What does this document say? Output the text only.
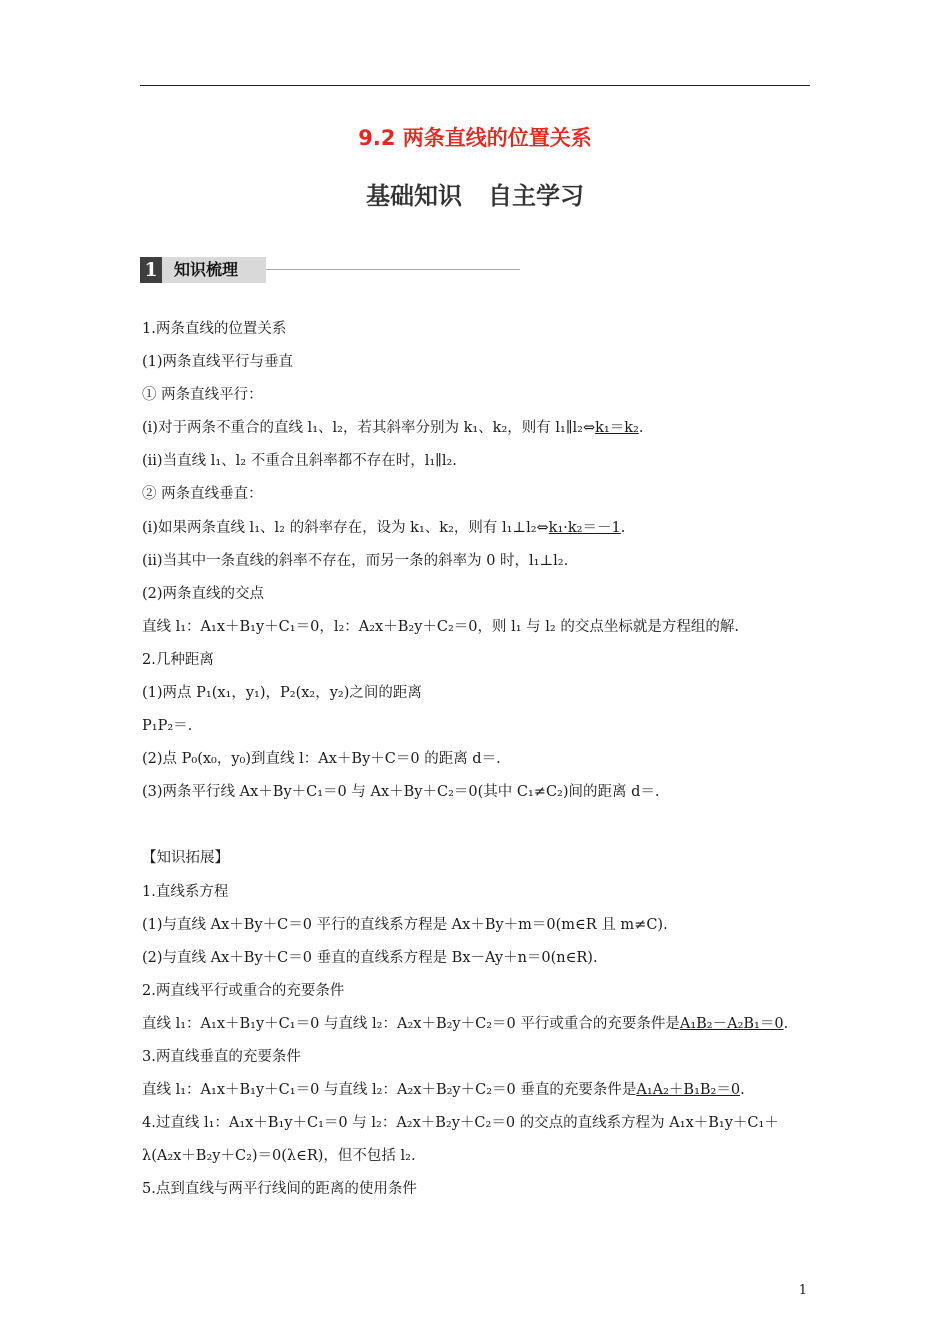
9.2 两条直线的位置关系
基础知识 自主学习
1	知识梳理
1.两条直线的位置关系
(1)两条直线平行与垂直
① 两条直线平行：
(ⅰ)对于两条不重合的直线 l₁、l₂，若其斜率分别为 k₁、k₂，则有 l₁∥l₂⇔k₁＝k₂.
(ⅱ)当直线 l₁、l₂ 不重合且斜率都不存在时，l₁∥l₂.
② 两条直线垂直：
(ⅰ)如果两条直线 l₁、l₂ 的斜率存在，设为 k₁、k₂，则有 l₁⊥l₂⇔k₁·k₂＝－1.
(ⅱ)当其中一条直线的斜率不存在，而另一条的斜率为 0 时，l₁⊥l₂.
(2)两条直线的交点
直线 l₁：A₁x＋B₁y＋C₁＝0，l₂：A₂x＋B₂y＋C₂＝0，则 l₁ 与 l₂ 的交点坐标就是方程组的解.
2.几种距离
(1)两点 P₁(x₁，y₁)，P₂(x₂，y₂)之间的距离
P₁P₂＝.
(2)点 P₀(x₀，y₀)到直线 l：Ax＋By＋C＝0 的距离 d＝.
(3)两条平行线 Ax＋By＋C₁＝0 与 Ax＋By＋C₂＝0(其中 C₁≠C₂)间的距离 d＝.
【知识拓展】
1.直线系方程
(1)与直线 Ax＋By＋C＝0 平行的直线系方程是 Ax＋By＋m＝0(m∈R 且 m≠C).
(2)与直线 Ax＋By＋C＝0 垂直的直线系方程是 Bx－Ay＋n＝0(n∈R).
2.两直线平行或重合的充要条件
直线 l₁：A₁x＋B₁y＋C₁＝0 与直线 l₂：A₂x＋B₂y＋C₂＝0 平行或重合的充要条件是A₁B₂－A₂B₁＝0.
3.两直线垂直的充要条件
直线 l₁：A₁x＋B₁y＋C₁＝0 与直线 l₂：A₂x＋B₂y＋C₂＝0 垂直的充要条件是A₁A₂＋B₁B₂＝0.
4.过直线 l₁：A₁x＋B₁y＋C₁＝0 与 l₂：A₂x＋B₂y＋C₂＝0 的交点的直线系方程为 A₁x＋B₁y＋C₁＋
λ(A₂x＋B₂y＋C₂)＝0(λ∈R)，但不包括 l₂.
5.点到直线与两平行线间的距离的使用条件
1
